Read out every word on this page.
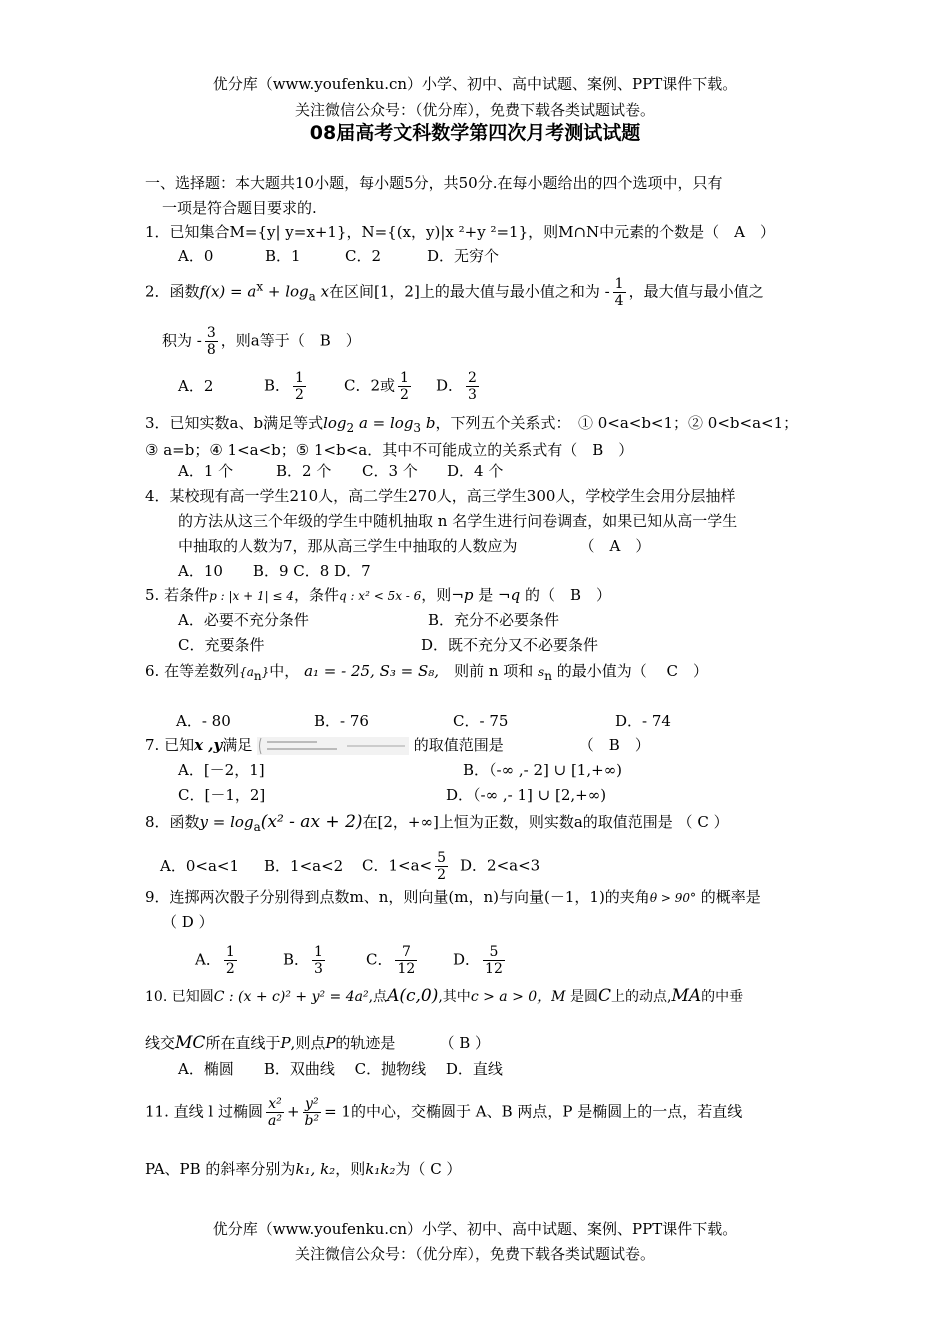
优分库（www.youfenku.cn）小学、初中、高中试题、案例、PPT课件下载。
关注微信公众号：（优分库），免费下载各类试题试卷。
08届高考文科数学第四次月考测试试题
一、选择题：本大题共10小题，每小题5分，共50分.在每小题给出的四个选项中，只有
一项是符合题目要求的.
1．已知集合M={y| y=x+1}，N={(x，y)|x ²+y ²=1}，则M∩N中元素的个数是（　A　）
A．0	B．1	C．2	D．无穷个
2．函数$f(x) = a^x + \log_a x$在区间[1，2]上的最大值与最小值之和为 - $\frac{1}{4}$ ，最大值与最小值之
积为 - $\frac{3}{8}$ ，则a等于（　B　）
A．2	B． $\frac{1}{2}$	C．2或 $\frac{1}{2}$ D． $\frac{2}{3}$
3．已知实数a、b满足等式$\log_2 a = \log_3 b$，下列五个关系式：　① 0<a<b<1；② 0<b<a<1；
③ a=b；④ 1<a<b；⑤ 1<b<a．其中不可能成立的关系式有（　B　）
A．1 个	B．2 个 C．3 个 D．4 个
4．某校现有高一学生210人，高二学生270人，高三学生300人，学校学生会用分层抽样
的方法从这三个年级的学生中随机抽取 n 名学生进行问卷调查，如果已知从高一学生
中抽取的人数为7，那从高三学生中抽取的人数应为	（　A　）
A．10　　B．9 C．8 D．7
5. 若条件p : |x + 1| ≤ 4，条件q : x² < 5x - 6，则¬p 是 ¬q 的（　B　）
A．必要不充分条件	B．充分不必要条件
C．充要条件	D．既不充分又不必要条件
6. 在等差数列$\{a_n\}$中， a₁ = - 25, S₃ = S₈,　 则前 n 项和 $s_n$ 的最小值为（　 C　）
A．- 80	B．- 76	C．- 75	D．- 74
7. 已知x ,y满足	的取值范围是	（　B　）
A．[－2，1]	B．（-∞ ,- 2] ∪ [1,+∞)
C．[－1，2]	D．（-∞ ,- 1] ∪ [2,+∞)
8．函数$y = \log_a(x^2$ - ax + 2)在[2，+∞]上恒为正数，则实数a的取值范围是 （ C ）
A．0<a<1 B．1<a<2 C．$1<a< \frac{5}{2}$ D．2<a<3
9．连掷两次骰子分别得到点数m、n，则向量(m，n)与向量(－1，1)的夹角θ > 90° 的概率是
（ D ）
A． $\frac{1}{2}$	B． $\frac{1}{3}$	C． $\frac{7}{12}$ D． $\frac{5}{12}$
10. 已知圆C : (x + c)² + y² = 4a²,点A(c,0),其中c > a > 0，M 是圆C上的动点,MA的中垂
线交MC所在直线于P,则点P的轨迹是	（ B ）
A．椭圆　　B．双曲线　 C．抛物线　 D．直线
11. 直线 l 过椭圆 $\frac{\text{x²}}{\text{a²}} + \frac{\text{y²}}{\text{b²}} = 1$的中心，交椭圆于 A、B 两点，P 是椭圆上的一点，若直线
PA、PB 的斜率分别为k₁, k₂，则k₁k₂为（ C ）
优分库（www.youfenku.cn）小学、初中、高中试题、案例、PPT课件下载。
关注微信公众号：（优分库），免费下载各类试题试卷。
